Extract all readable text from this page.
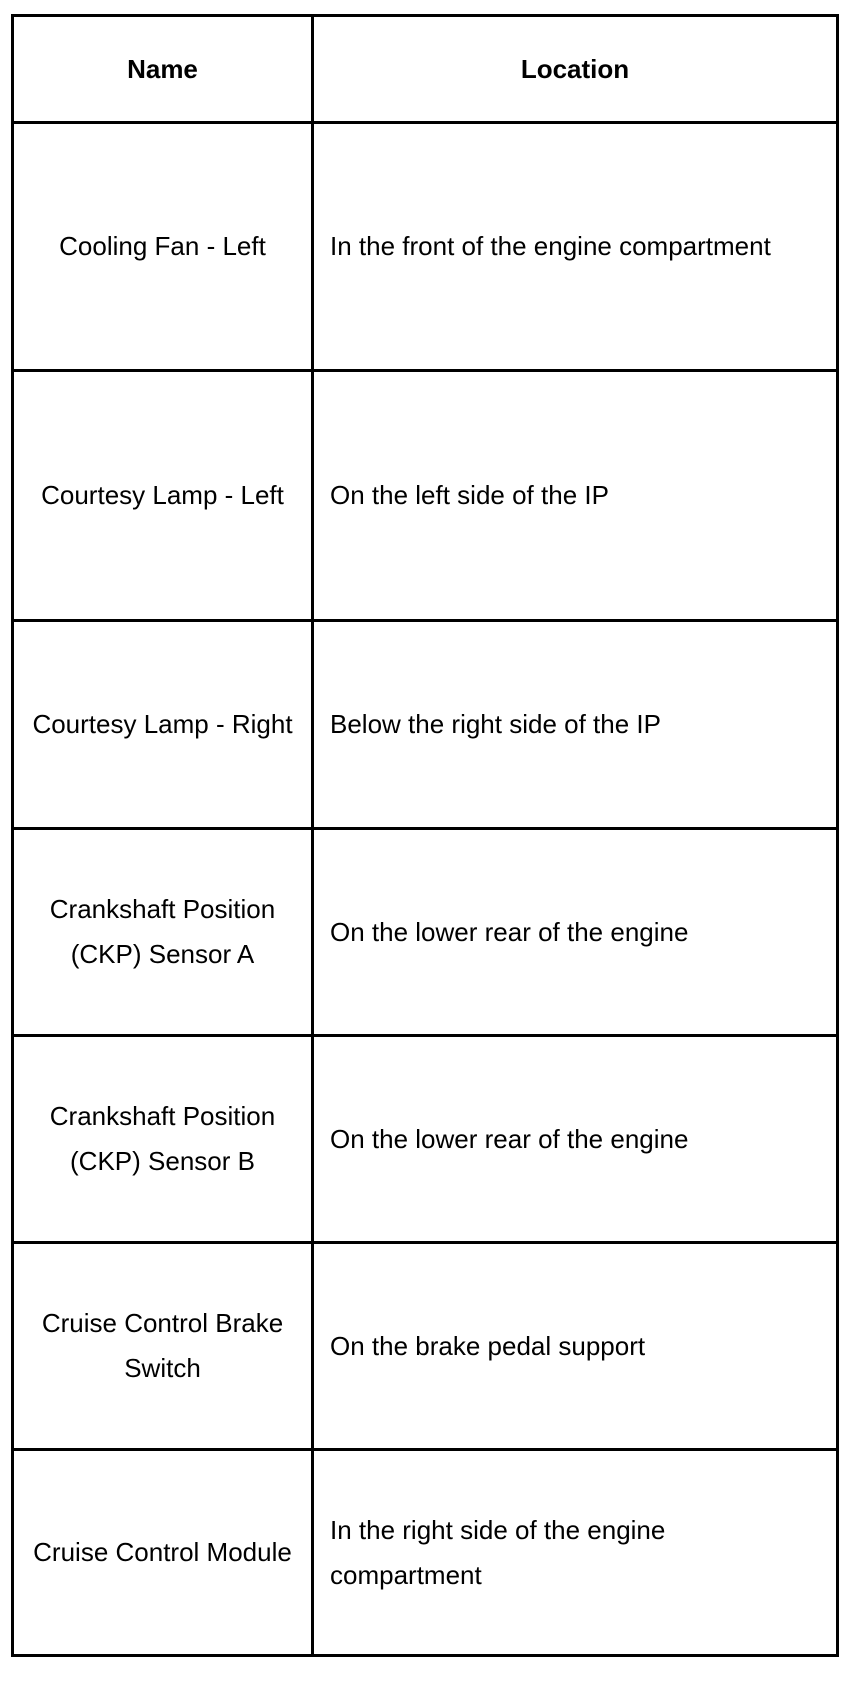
Name	Location
Cooling Fan - Left	In the front of the engine compartment
Courtesy Lamp - Left	On the left side of the IP
Courtesy Lamp - Right	Below the right side of the IP
Crankshaft Position (CKP) Sensor A	On the lower rear of the engine
Crankshaft Position (CKP) Sensor B	On the lower rear of the engine
Cruise Control Brake Switch	On the brake pedal support
Cruise Control Module	In the right side of the engine compartment
